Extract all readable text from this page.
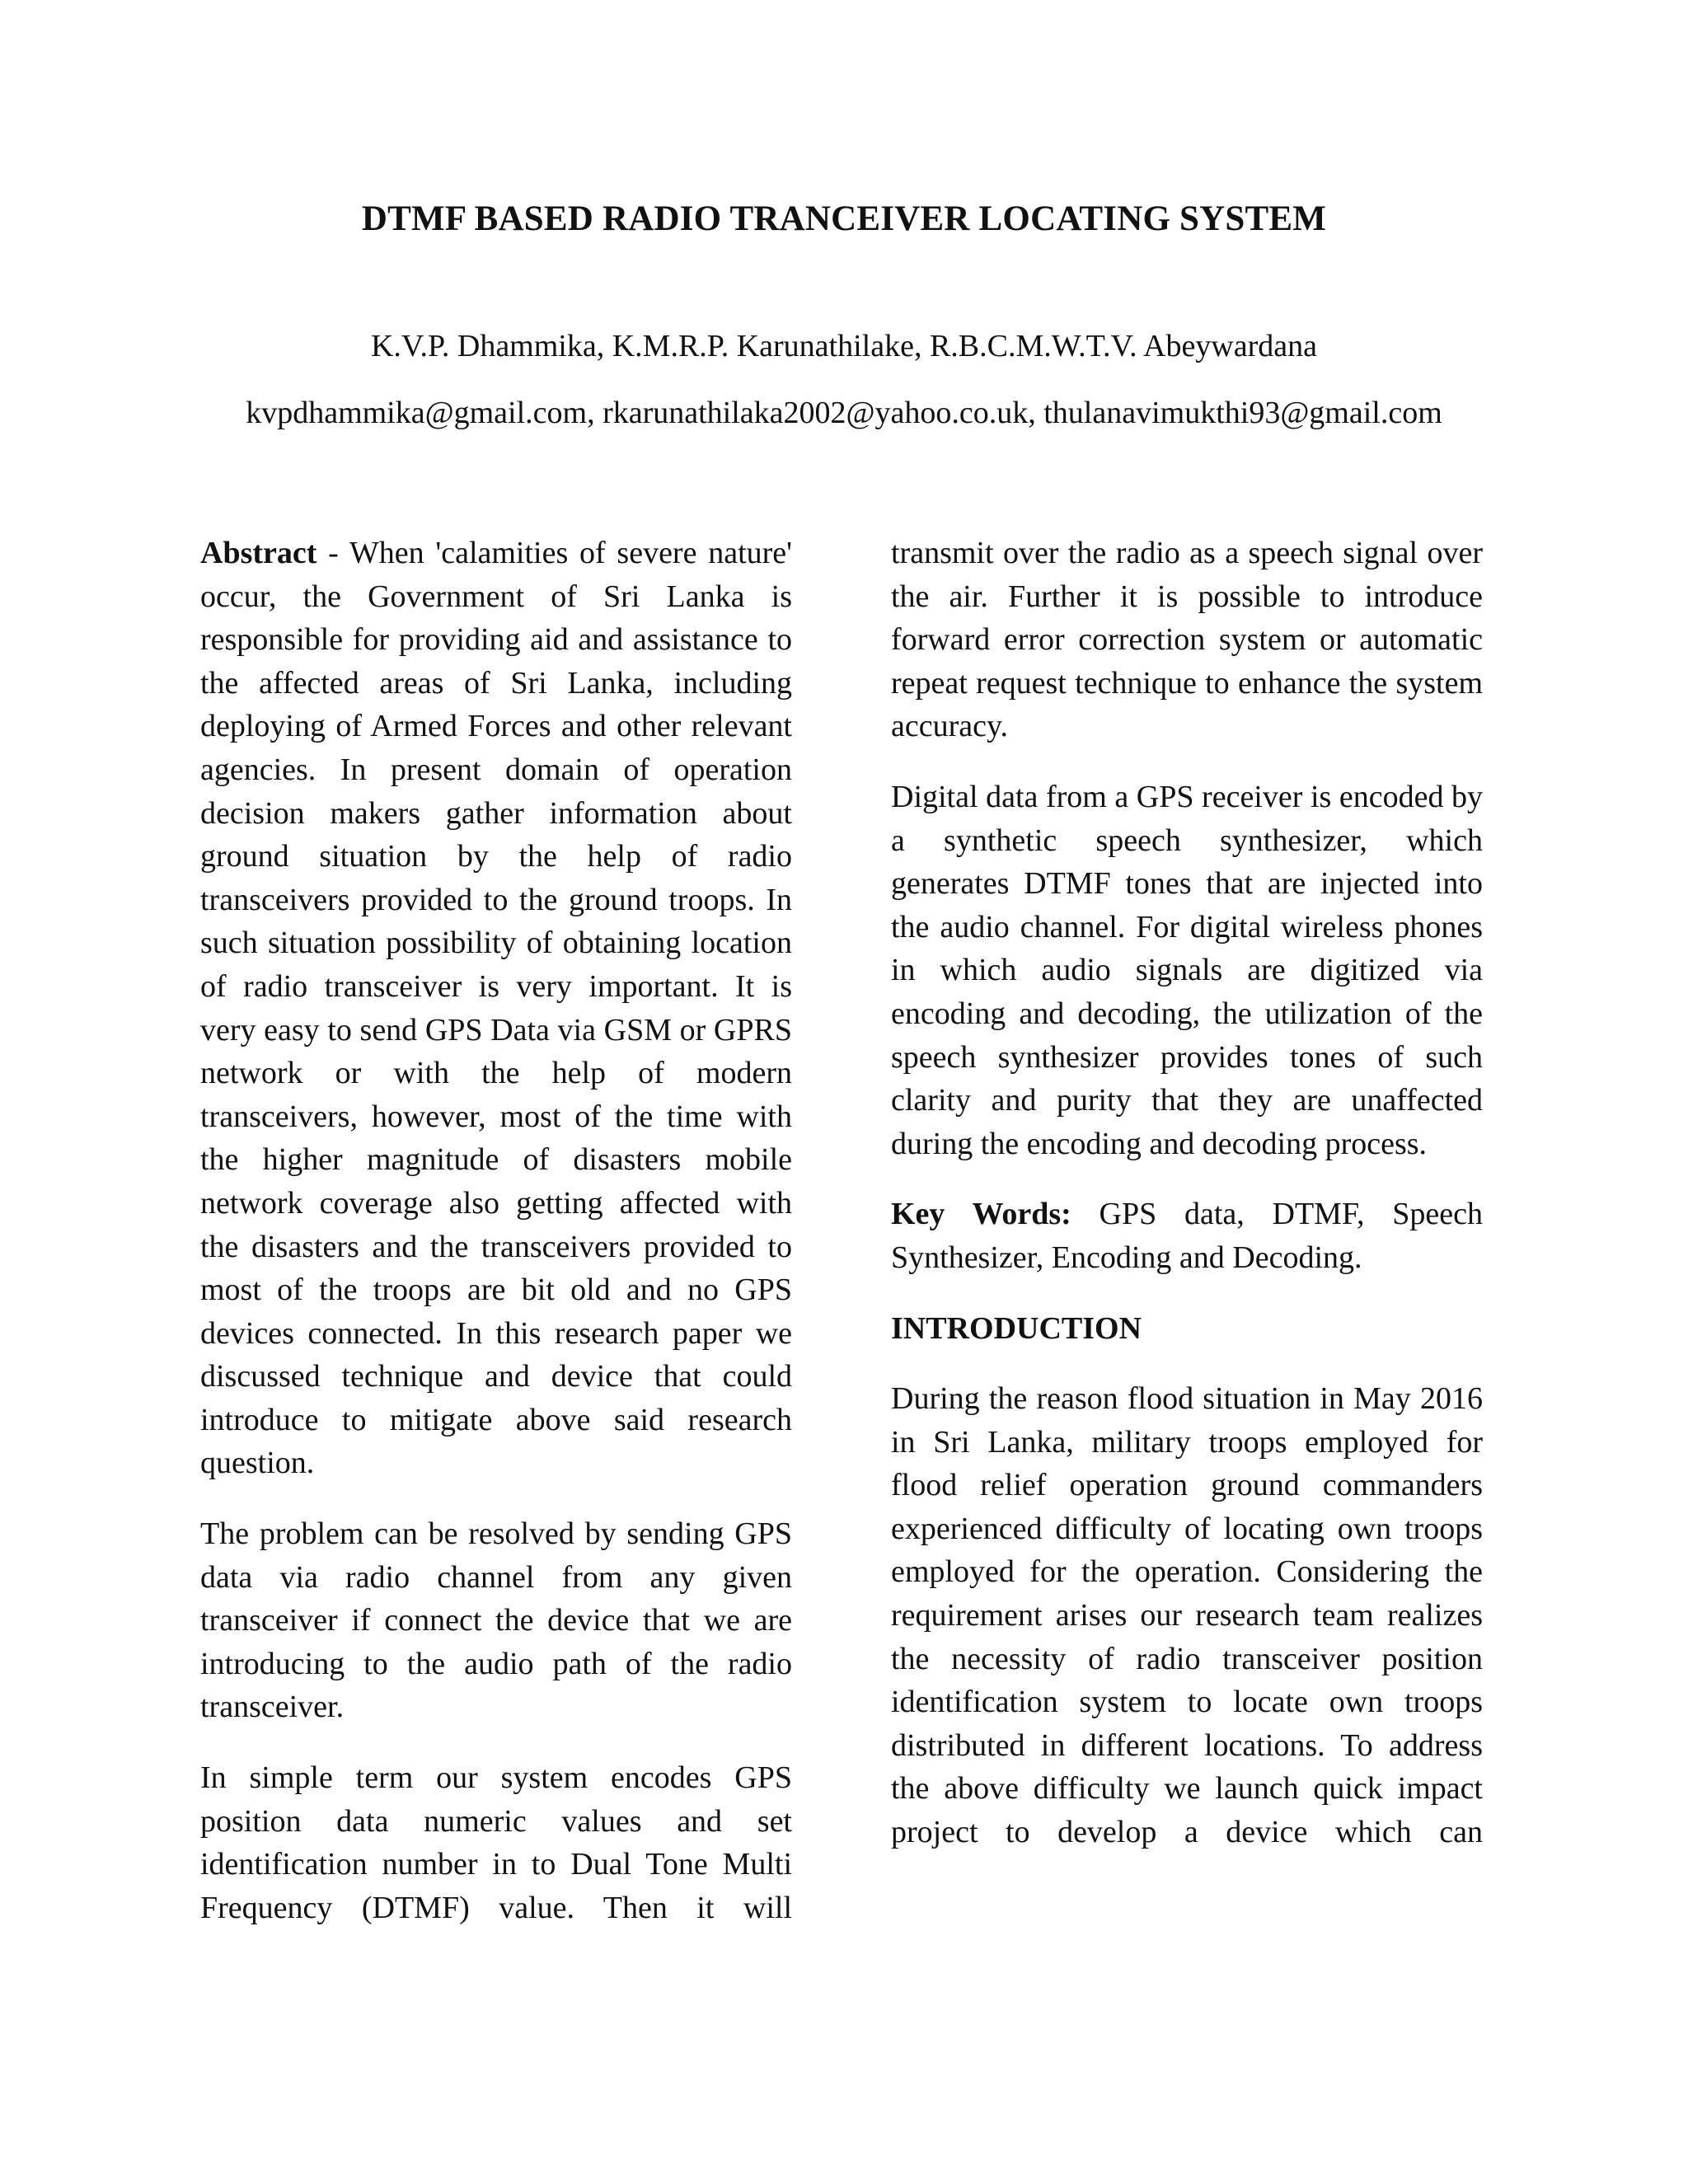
DTMF BASED RADIO TRANCEIVER LOCATING SYSTEM
K.V.P. Dhammika, K.M.R.P. Karunathilake, R.B.C.M.W.T.V. Abeywardana
kvpdhammika@gmail.com, rkarunathilaka2002@yahoo.co.uk, thulanavimukthi93@gmail.com

Abstract - When 'calamities of severe nature' occur, the Government of Sri Lanka is responsible for providing aid and assistance to the affected areas of Sri Lanka, including deploying of Armed Forces and other relevant agencies. In present domain of operation decision makers gather information about ground situation by the help of radio transceivers provided to the ground troops. In such situation possibility of obtaining location of radio transceiver is very important. It is very easy to send GPS Data via GSM or GPRS network or with the help of modern transceivers, however, most of the time with the higher magnitude of disasters mobile network coverage also getting affected with the disasters and the transceivers provided to most of the troops are bit old and no GPS devices connected. In this research paper we discussed technique and device that could introduce to mitigate above said research question.

The problem can be resolved by sending GPS data via radio channel from any given transceiver if connect the device that we are introducing to the audio path of the radio transceiver.

In simple term our system encodes GPS position data numeric values and set identification number in to Dual Tone Multi Frequency (DTMF) value. Then it will

transmit over the radio as a speech signal over the air. Further it is possible to introduce forward error correction system or automatic repeat request technique to enhance the system accuracy.

Digital data from a GPS receiver is encoded by a synthetic speech synthesizer, which generates DTMF tones that are injected into the audio channel. For digital wireless phones in which audio signals are digitized via encoding and decoding, the utilization of the speech synthesizer provides tones of such clarity and purity that they are unaffected during the encoding and decoding process.

Key Words: GPS data, DTMF, Speech Synthesizer, Encoding and Decoding.

INTRODUCTION

During the reason flood situation in May 2016 in Sri Lanka, military troops employed for flood relief operation ground commanders experienced difficulty of locating own troops employed for the operation. Considering the requirement arises our research team realizes the necessity of radio transceiver position identification system to locate own troops distributed in different locations. To address the above difficulty we launch quick impact project to develop a device which can
